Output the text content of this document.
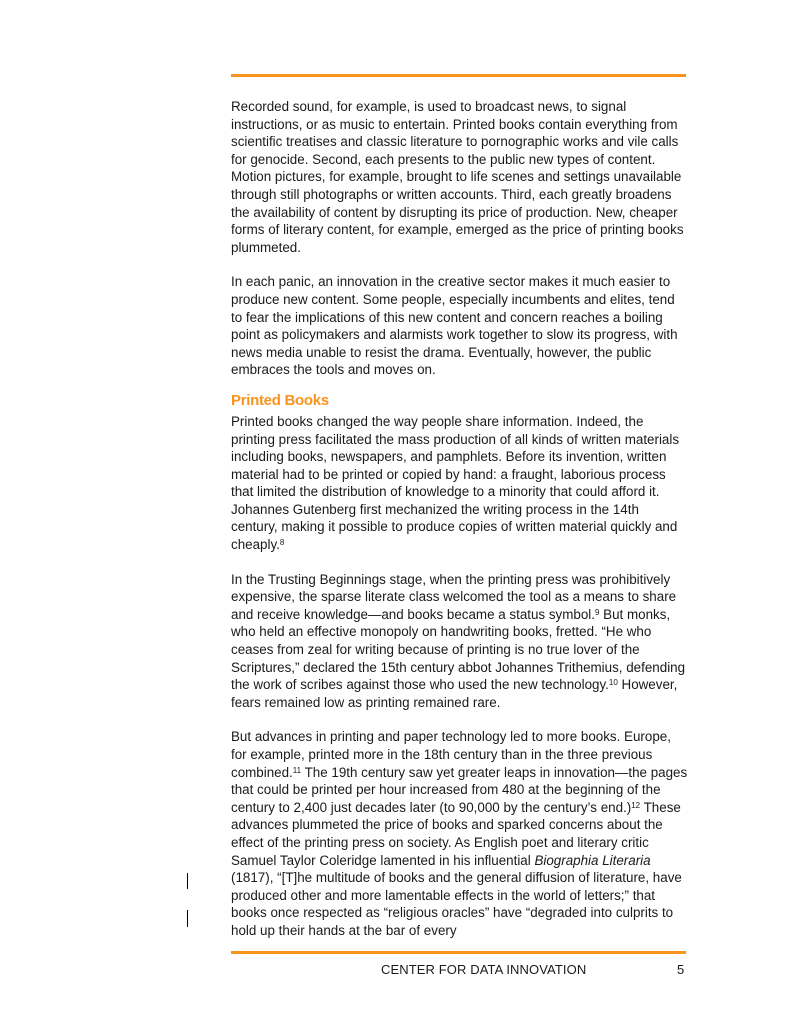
Recorded sound, for example, is used to broadcast news, to signal instructions, or as music to entertain. Printed books contain everything from scientific treatises and classic literature to pornographic works and vile calls for genocide. Second, each presents to the public new types of content. Motion pictures, for example, brought to life scenes and settings unavailable through still photographs or written accounts. Third, each greatly broadens the availability of content by disrupting its price of production. New, cheaper forms of literary content, for example, emerged as the price of printing books plummeted.

In each panic, an innovation in the creative sector makes it much easier to produce new content. Some people, especially incumbents and elites, tend to fear the implications of this new content and concern reaches a boiling point as policymakers and alarmists work together to slow its progress, with news media unable to resist the drama. Eventually, however, the public embraces the tools and moves on.

Printed Books

Printed books changed the way people share information. Indeed, the printing press facilitated the mass production of all kinds of written materials including books, newspapers, and pamphlets. Before its invention, written material had to be printed or copied by hand: a fraught, laborious process that limited the distribution of knowledge to a minority that could afford it. Johannes Gutenberg first mechanized the writing process in the 14th century, making it possible to produce copies of written material quickly and cheaply.$^8$

In the Trusting Beginnings stage, when the printing press was prohibitively expensive, the sparse literate class welcomed the tool as a means to share and receive knowledge—and books became a status symbol.$^9$ But monks, who held an effective monopoly on handwriting books, fretted. “He who ceases from zeal for writing because of printing is no true lover of the Scriptures,” declared the 15th century abbot Johannes Trithemius, defending the work of scribes against those who used the new technology.$^{10}$ However, fears remained low as printing remained rare.

But advances in printing and paper technology led to more books. Europe, for example, printed more in the 18th century than in the three previous combined.$^{11}$ The 19th century saw yet greater leaps in innovation—the pages that could be printed per hour increased from 480 at the beginning of the century to 2,400 just decades later (to 90,000 by the century’s end.)$^{12}$ These advances plummeted the price of books and sparked concerns about the effect of the printing press on society. As English poet and literary critic Samuel Taylor Coleridge lamented in his influential Biographia Literaria (1817), “[T]he multitude of books and the general diffusion of literature, have produced other and more lamentable effects in the world of letters;” that books once respected as “religious oracles” have “degraded into culprits to hold up their hands at the bar of every

CENTER FOR DATA INNOVATION	5
